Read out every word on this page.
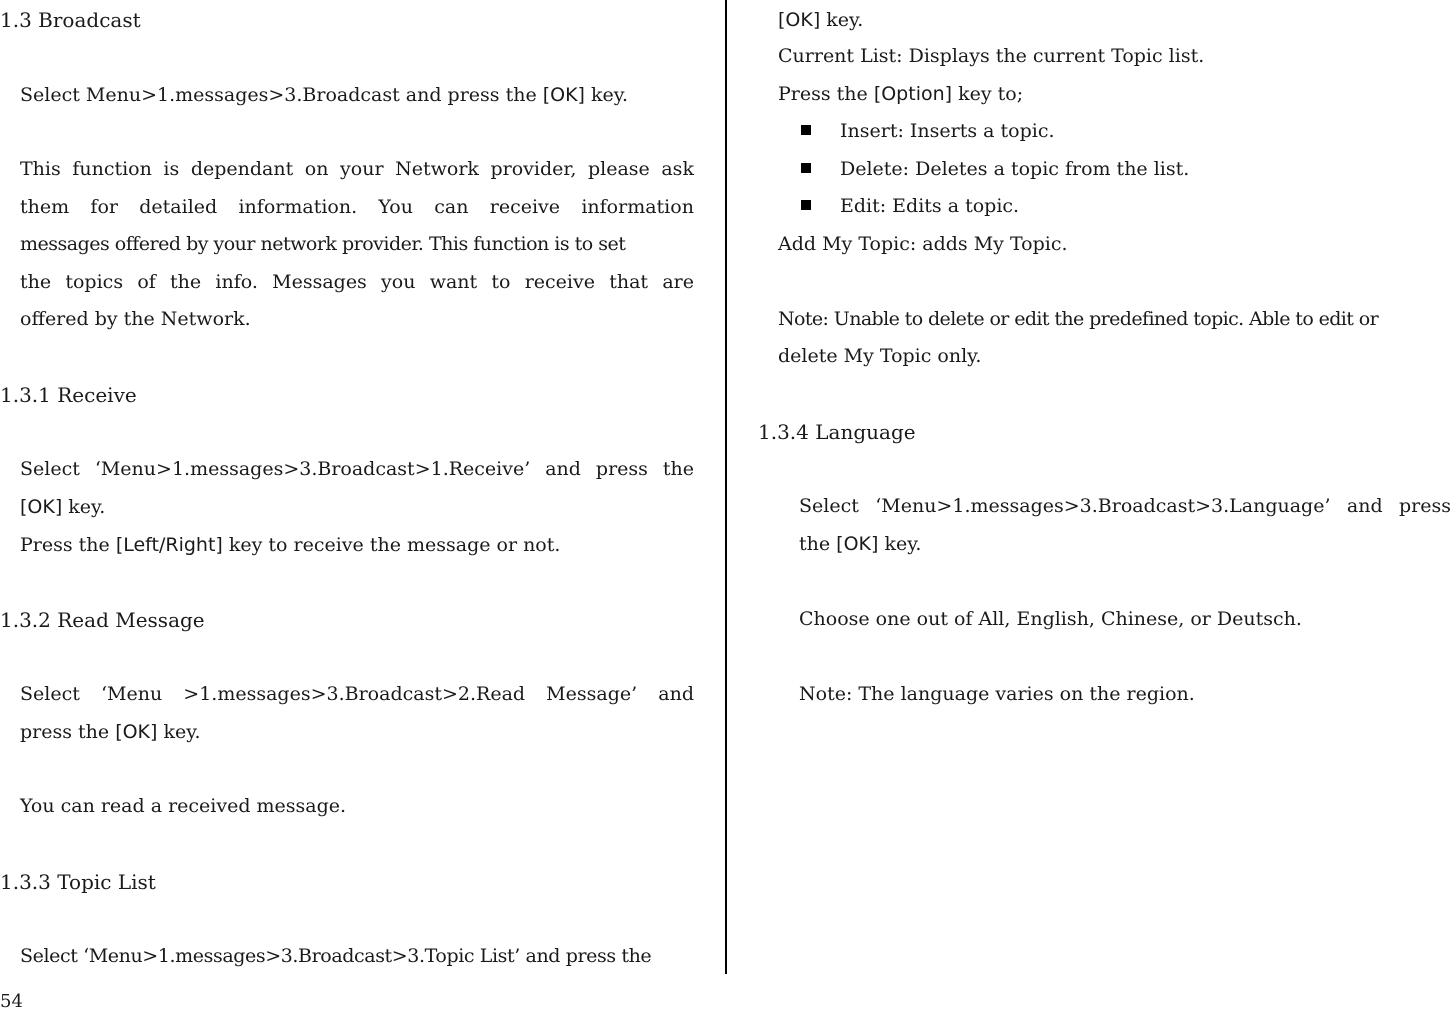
1.3 Broadcast
Select Menu>1.messages>3.Broadcast and press the [OK] key.
This function is dependant on your Network provider, please ask
them for detailed information. You can receive information
messages offered by your network provider. This function is to set
the topics of the info. Messages you want to receive that are
offered by the Network.
1.3.1 Receive
Select ‘Menu>1.messages>3.Broadcast>1.Receive’ and press the
[OK] key.
Press the [Left/Right] key to receive the message or not.
1.3.2 Read Message
Select ‘Menu >1.messages>3.Broadcast>2.Read Message’ and
press the [OK] key.
You can read a received message.
1.3.3 Topic List
Select ‘Menu>1.messages>3.Broadcast>3.Topic List’ and press the
54
[OK] key.
Current List: Displays the current Topic list.
Press the [Option] key to;
Insert: Inserts a topic.
Delete: Deletes a topic from the list.
Edit: Edits a topic.
Add My Topic: adds My Topic.
Note: Unable to delete or edit the predefined topic. Able to edit or
delete My Topic only.
1.3.4 Language
Select ‘Menu>1.messages>3.Broadcast>3.Language’ and press
the [OK] key.
Choose one out of All, English, Chinese, or Deutsch.
Note: The language varies on the region.
